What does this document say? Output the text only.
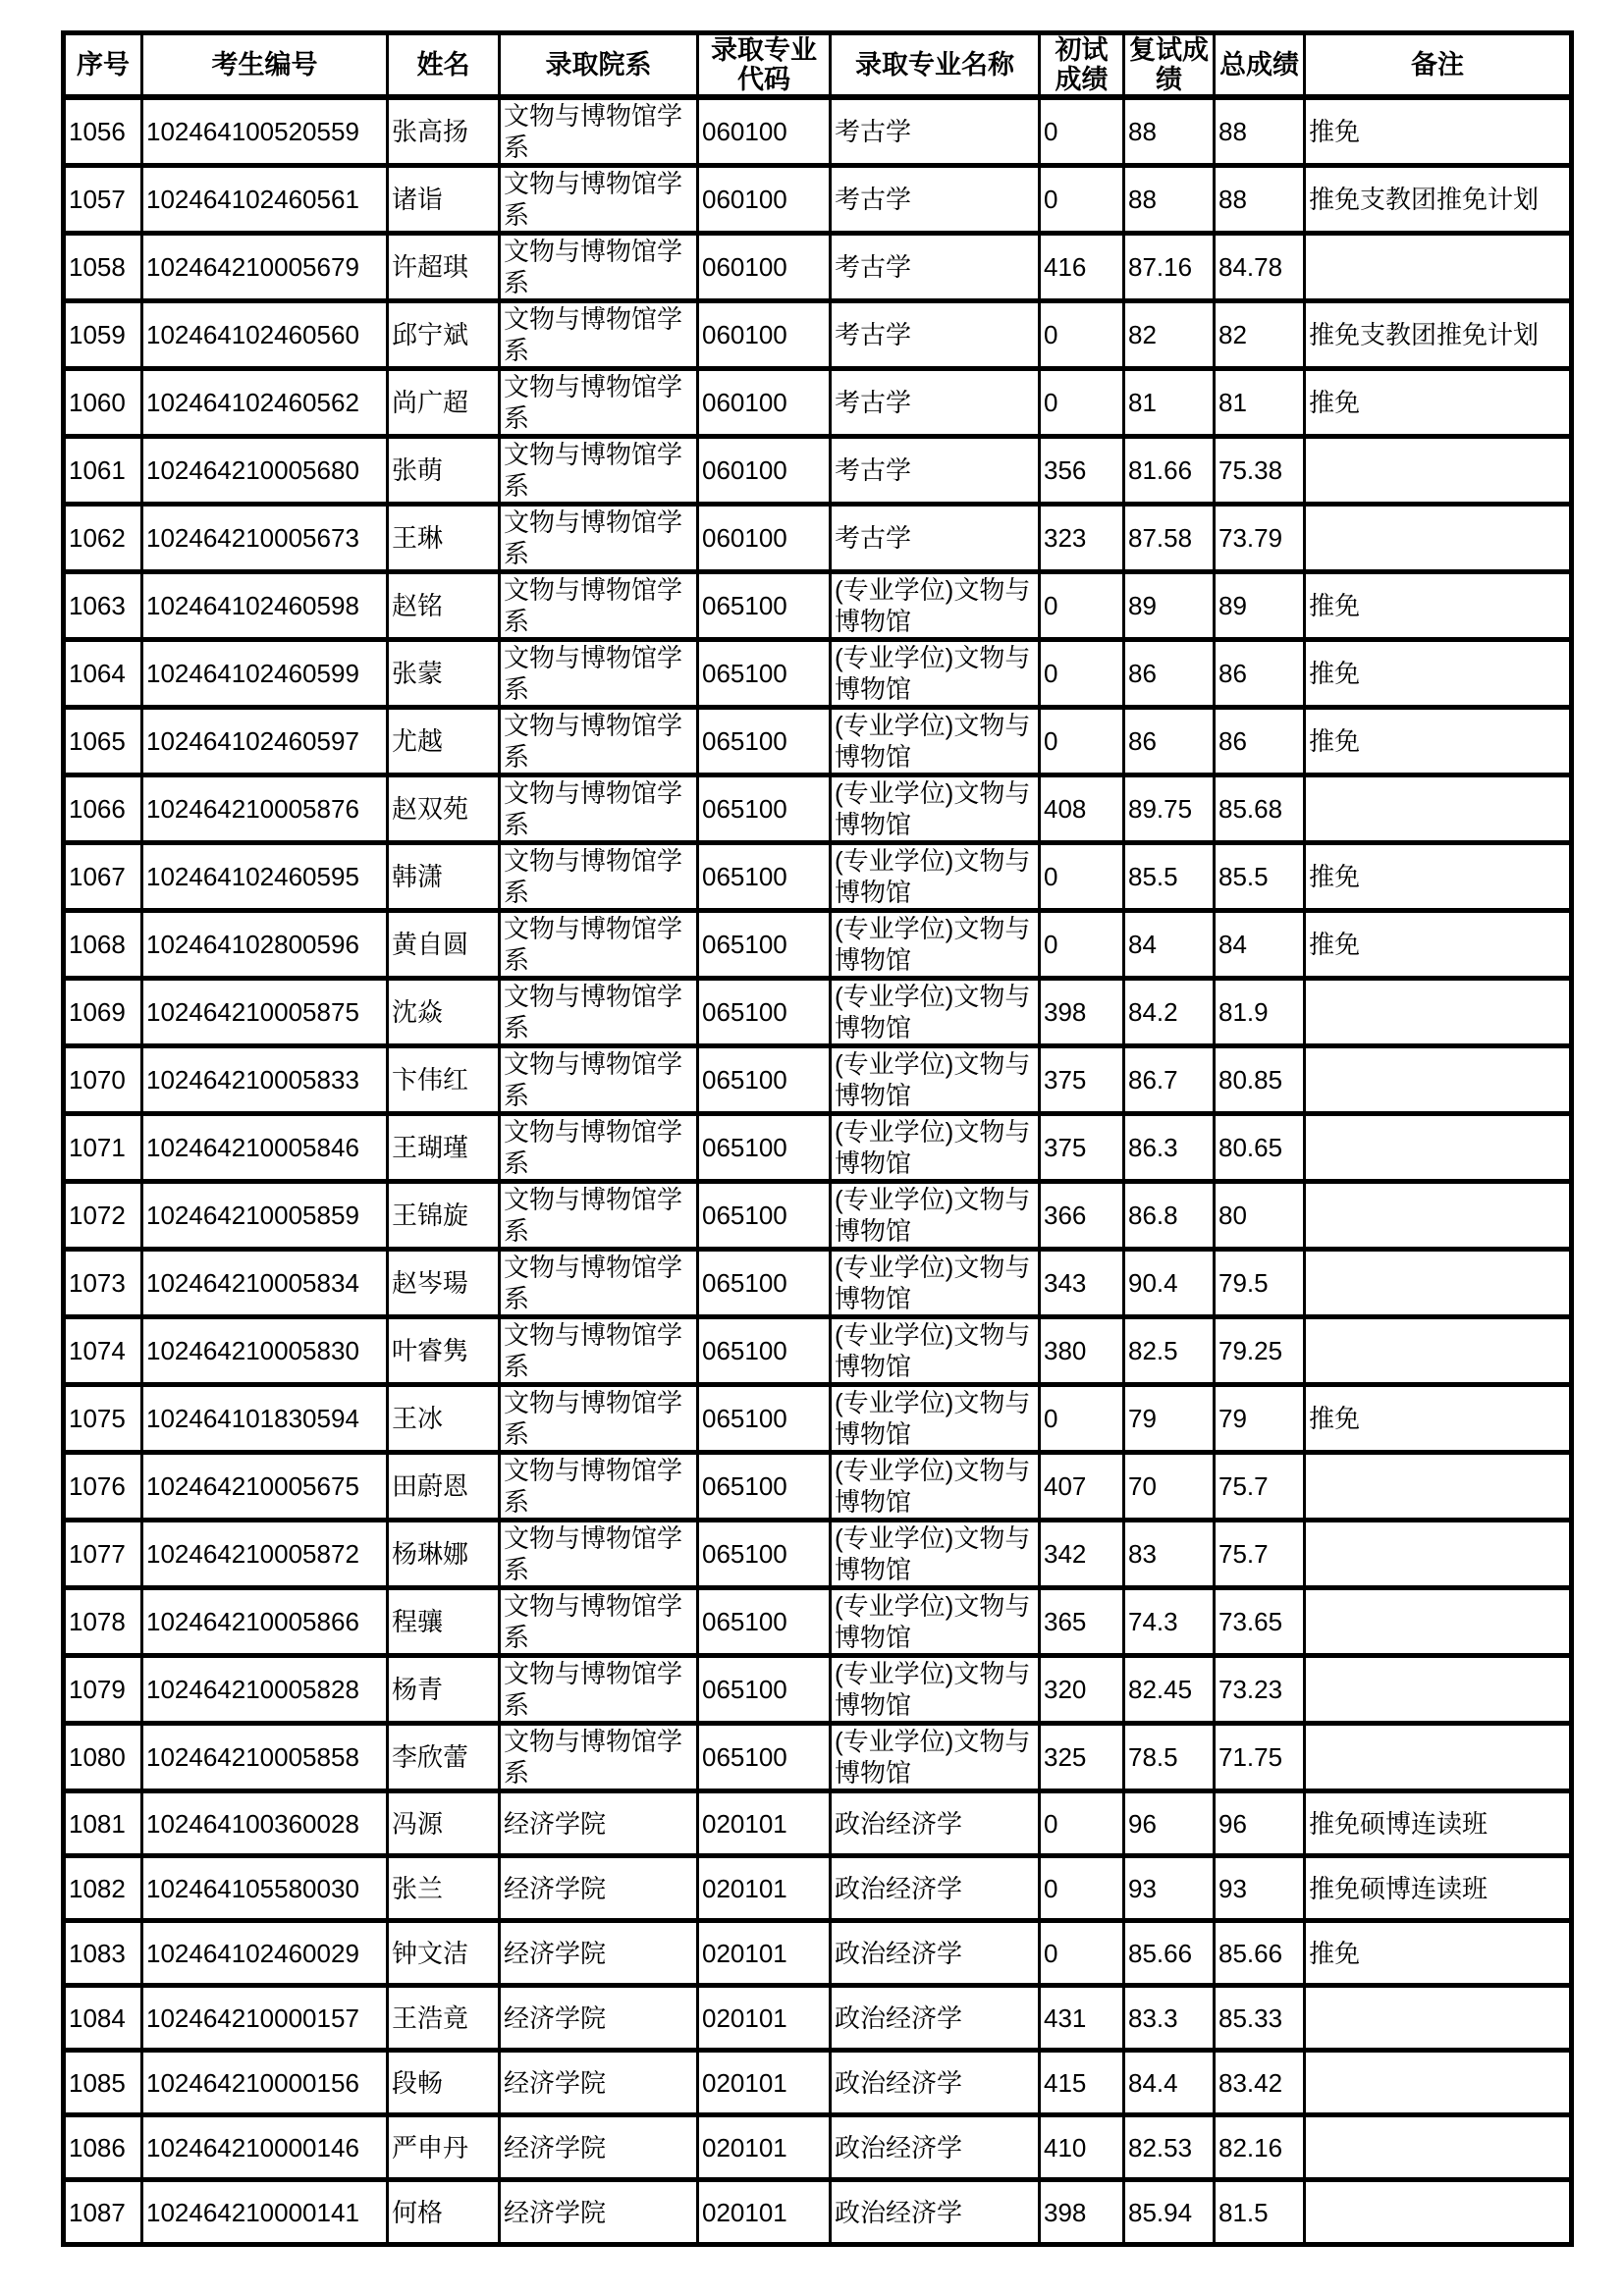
序号	考生编号	姓名	录取院系	录取专业代码	录取专业名称	初试成绩	复试成绩	总成绩	备注
1056	102464100520559	张高扬	文物与博物馆学系	060100	考古学	0	88	88	推免
1057	102464102460561	诸诣	文物与博物馆学系	060100	考古学	0	88	88	推免支教团推免计划
1058	102464210005679	许超琪	文物与博物馆学系	060100	考古学	416	87.16	84.78	
1059	102464102460560	邱宁斌	文物与博物馆学系	060100	考古学	0	82	82	推免支教团推免计划
1060	102464102460562	尚广超	文物与博物馆学系	060100	考古学	0	81	81	推免
1061	102464210005680	张萌	文物与博物馆学系	060100	考古学	356	81.66	75.38	
1062	102464210005673	王琳	文物与博物馆学系	060100	考古学	323	87.58	73.79	
1063	102464102460598	赵铭	文物与博物馆学系	065100	(专业学位)文物与博物馆	0	89	89	推免
1064	102464102460599	张蒙	文物与博物馆学系	065100	(专业学位)文物与博物馆	0	86	86	推免
1065	102464102460597	尤越	文物与博物馆学系	065100	(专业学位)文物与博物馆	0	86	86	推免
1066	102464210005876	赵双苑	文物与博物馆学系	065100	(专业学位)文物与博物馆	408	89.75	85.68	
1067	102464102460595	韩潇	文物与博物馆学系	065100	(专业学位)文物与博物馆	0	85.5	85.5	推免
1068	102464102800596	黄自圆	文物与博物馆学系	065100	(专业学位)文物与博物馆	0	84	84	推免
1069	102464210005875	沈焱	文物与博物馆学系	065100	(专业学位)文物与博物馆	398	84.2	81.9	
1070	102464210005833	卞伟红	文物与博物馆学系	065100	(专业学位)文物与博物馆	375	86.7	80.85	
1071	102464210005846	王瑚瑾	文物与博物馆学系	065100	(专业学位)文物与博物馆	375	86.3	80.65	
1072	102464210005859	王锦旋	文物与博物馆学系	065100	(专业学位)文物与博物馆	366	86.8	80	
1073	102464210005834	赵岑瑒	文物与博物馆学系	065100	(专业学位)文物与博物馆	343	90.4	79.5	
1074	102464210005830	叶睿隽	文物与博物馆学系	065100	(专业学位)文物与博物馆	380	82.5	79.25	
1075	102464101830594	王冰	文物与博物馆学系	065100	(专业学位)文物与博物馆	0	79	79	推免
1076	102464210005675	田蔚恩	文物与博物馆学系	065100	(专业学位)文物与博物馆	407	70	75.7	
1077	102464210005872	杨琳娜	文物与博物馆学系	065100	(专业学位)文物与博物馆	342	83	75.7	
1078	102464210005866	程骧	文物与博物馆学系	065100	(专业学位)文物与博物馆	365	74.3	73.65	
1079	102464210005828	杨青	文物与博物馆学系	065100	(专业学位)文物与博物馆	320	82.45	73.23	
1080	102464210005858	李欣蕾	文物与博物馆学系	065100	(专业学位)文物与博物馆	325	78.5	71.75	
1081	102464100360028	冯源	经济学院	020101	政治经济学	0	96	96	推免硕博连读班
1082	102464105580030	张兰	经济学院	020101	政治经济学	0	93	93	推免硕博连读班
1083	102464102460029	钟文洁	经济学院	020101	政治经济学	0	85.66	85.66	推免
1084	102464210000157	王浩竟	经济学院	020101	政治经济学	431	83.3	85.33	
1085	102464210000156	段畅	经济学院	020101	政治经济学	415	84.4	83.42	
1086	102464210000146	严申丹	经济学院	020101	政治经济学	410	82.53	82.16	
1087	102464210000141	何格	经济学院	020101	政治经济学	398	85.94	81.5	
